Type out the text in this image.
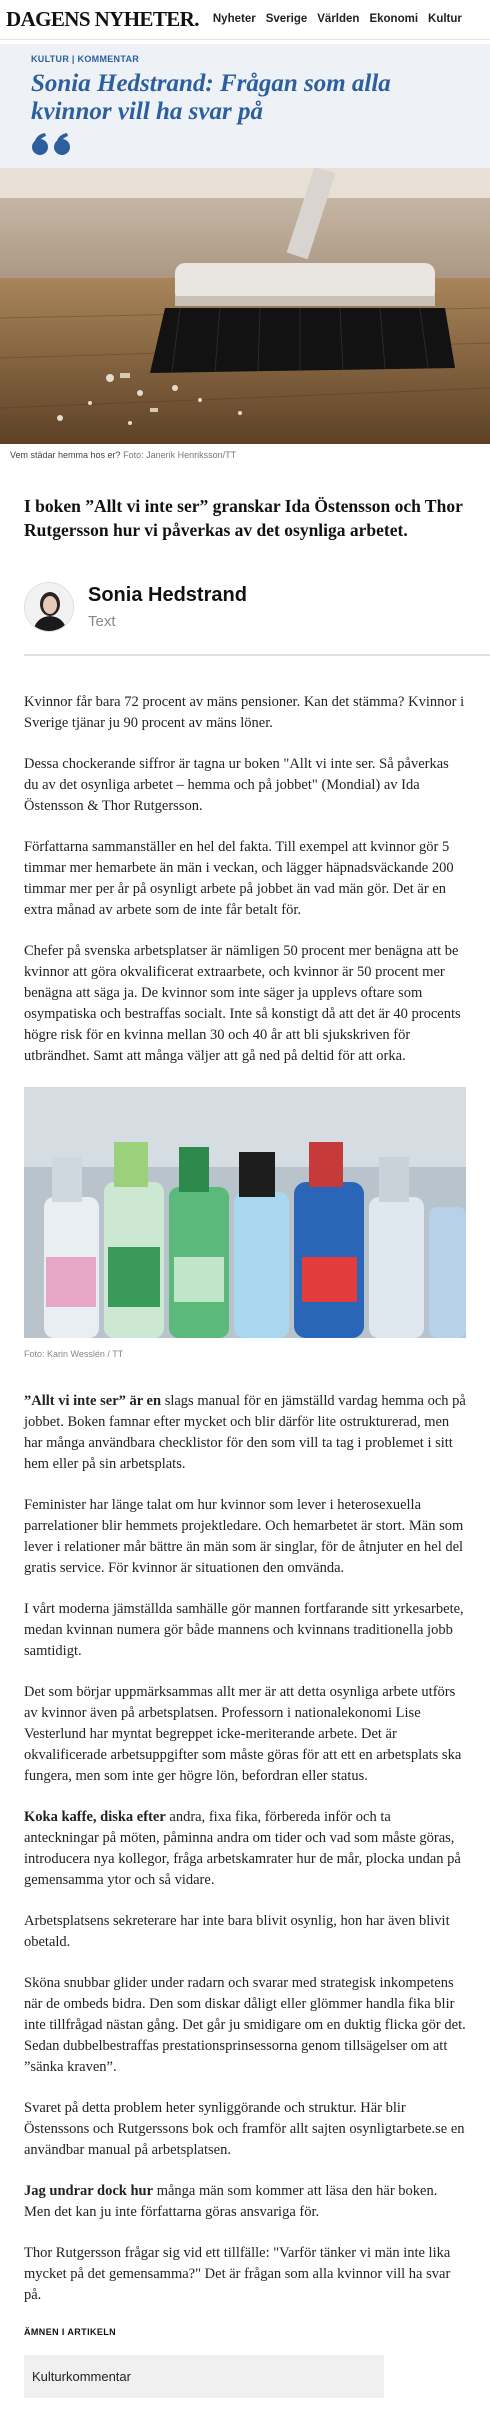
DAGENS NYHETER. Nyheter Sverige Världen Ekonomi Kultur
KULTUR | KOMMENTAR
Sonia Hedstrand: Frågan som alla kvinnor vill ha svar på
Vem städar hemma hos er? Foto: Janerik Henriksson/TT

I boken ”Allt vi inte ser” granskar Ida Östensson och Thor Rutgersson hur vi påverkas av det osynliga arbetet.

Sonia Hedstrand
Text

Kvinnor får bara 72 procent av mäns pensioner. Kan det stämma? Kvinnor i Sverige tjänar ju 90 procent av mäns löner.

Dessa chockerande siffror är tagna ur boken "Allt vi inte ser. Så påverkas du av det osynliga arbetet – hemma och på jobbet" (Mondial) av Ida Östensson & Thor Rutgersson.

Författarna sammanställer en hel del fakta. Till exempel att kvinnor gör 5 timmar mer hemarbete än män i veckan, och lägger häpnadsväckande 200 timmar mer per år på osynligt arbete på jobbet än vad män gör. Det är en extra månad av arbete som de inte får betalt för.

Chefer på svenska arbetsplatser är nämligen 50 procent mer benägna att be kvinnor att göra okvalificerat extraarbete, och kvinnor är 50 procent mer benägna att säga ja. De kvinnor som inte säger ja upplevs oftare som osympatiska och bestraffas socialt. Inte så konstigt då att det är 40 procents högre risk för en kvinna mellan 30 och 40 år att bli sjukskriven för utbrändhet. Samt att många väljer att gå ned på deltid för att orka.

Foto: Karin Wesslén / TT

”Allt vi inte ser” är en slags manual för en jämställd vardag hemma och på jobbet. Boken famnar efter mycket och blir därför lite ostrukturerad, men har många användbara checklistor för den som vill ta tag i problemet i sitt hem eller på sin arbetsplats.

Feminister har länge talat om hur kvinnor som lever i heterosexuella parrelationer blir hemmets projektledare. Och hemarbetet är stort. Män som lever i relationer mår bättre än män som är singlar, för de åtnjuter en hel del gratis service. För kvinnor är situationen den omvända.

I vårt moderna jämställda samhälle gör mannen fortfarande sitt yrkesarbete, medan kvinnan numera gör både mannens och kvinnans traditionella jobb samtidigt.

Det som börjar uppmärksammas allt mer är att detta osynliga arbete utförs av kvinnor även på arbetsplatsen. Professorn i nationalekonomi Lise Vesterlund har myntat begreppet icke-meriterande arbete. Det är okvalificerade arbetsuppgifter som måste göras för att ett en arbetsplats ska fungera, men som inte ger högre lön, befordran eller status.

Koka kaffe, diska efter andra, fixa fika, förbereda inför och ta anteckningar på möten, påminna andra om tider och vad som måste göras, introducera nya kollegor, fråga arbetskamrater hur de mår, plocka undan på gemensamma ytor och så vidare.

Arbetsplatsens sekreterare har inte bara blivit osynlig, hon har även blivit obetald.

Sköna snubbar glider under radarn och svarar med strategisk inkompetens när de ombeds bidra. Den som diskar dåligt eller glömmer handla fika blir inte tillfrågad nästan gång. Det går ju smidigare om en duktig flicka gör det. Sedan dubbelbestraffas prestationsprinsessorna genom tillsägelser om att ”sänka kraven”.

Svaret på detta problem heter synliggörande och struktur. Här blir Östenssons och Rutgerssons bok och framför allt sajten osynligtarbete.se en användbar manual på arbetsplatsen.

Jag undrar dock hur många män som kommer att läsa den här boken. Men det kan ju inte författarna göras ansvariga för.

Thor Rutgersson frågar sig vid ett tillfälle: "Varför tänker vi män inte lika mycket på det gemensamma?" Det är frågan som alla kvinnor vill ha svar på.

ÄMNEN I ARTIKELN
Kulturkommentar
